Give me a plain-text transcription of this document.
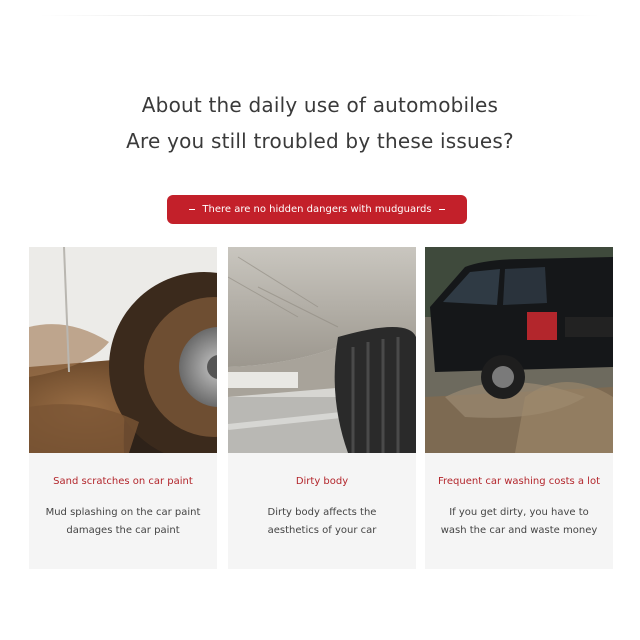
About the daily use of automobiles
Are you still troubled by these issues?
There are no hidden dangers with mudguards
Sand scratches on car paint
Mud splashing on the car paint
damages the car paint
Dirty body
Dirty body affects the
aesthetics of your car
Frequent car washing costs a lot
If you get dirty, you have to
wash the car and waste money
